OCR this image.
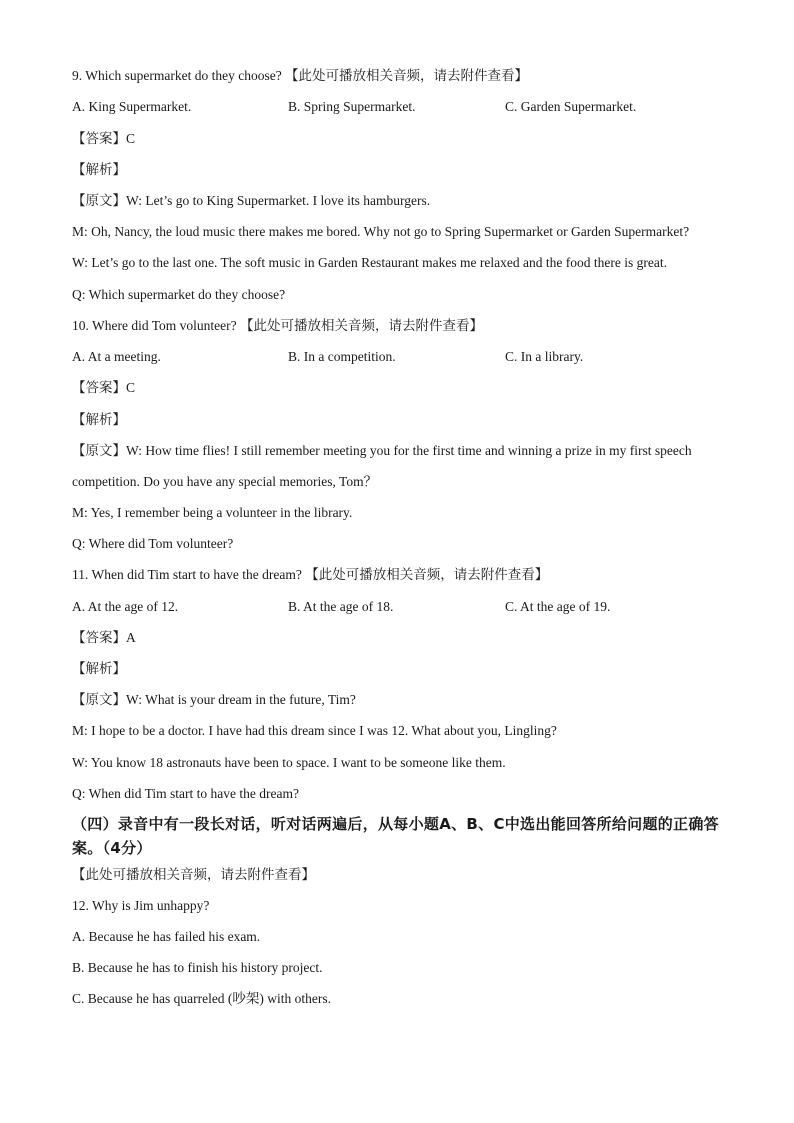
9. Which supermarket do they choose? 【此处可播放相关音频，请去附件查看】
A. King Supermarket.	B. Spring Supermarket.	C. Garden Supermarket.
【答案】C
【解析】
【原文】W: Let’s go to King Supermarket. I love its hamburgers.
M: Oh, Nancy, the loud music there makes me bored. Why not go to Spring Supermarket or Garden Supermarket?
W: Let’s go to the last one. The soft music in Garden Restaurant makes me relaxed and the food there is great.
Q: Which supermarket do they choose?
10. Where did Tom volunteer? 【此处可播放相关音频，请去附件查看】
A. At a meeting.	B. In a competition.	C. In a library.
【答案】C
【解析】
【原文】W: How time flies! I still remember meeting you for the first time and winning a prize in my first speech
competition. Do you have any special memories, Tom？
M: Yes, I remember being a volunteer in the library.
Q: Where did Tom volunteer?
11. When did Tim start to have the dream? 【此处可播放相关音频，请去附件查看】
A. At the age of 12.	B. At the age of 18.	C. At the age of 19.
【答案】A
【解析】
【原文】W: What is your dream in the future, Tim?
M: I hope to be a doctor. I have had this dream since I was 12. What about you, Lingling?
W: You know 18 astronauts have been to space. I want to be someone like them.
Q: When did Tim start to have the dream?
（四）录音中有一段长对话，听对话两遍后，从每小题A、B、C中选出能回答所给问题的正确答案。（4分）
【此处可播放相关音频，请去附件查看】
12. Why is Jim unhappy?
A. Because he has failed his exam.
B. Because he has to finish his history project.
C. Because he has quarreled (吵架) with others.
